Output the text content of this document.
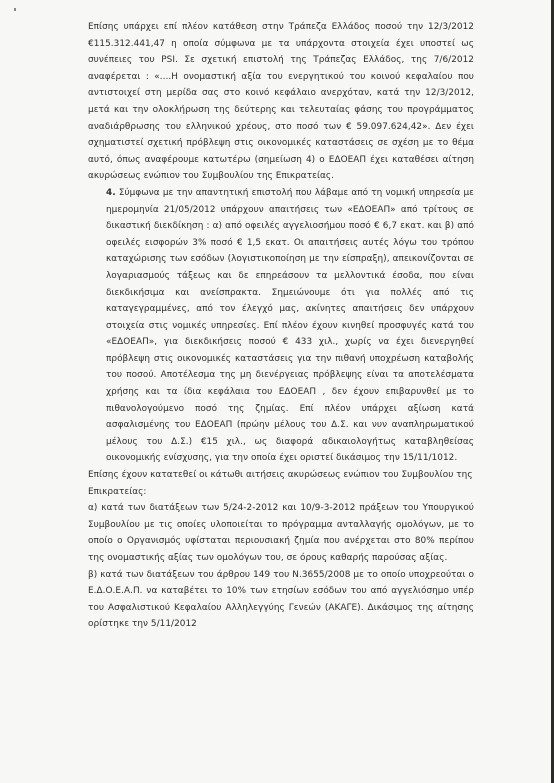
Επίσης υπάρχει επί πλέον κατάθεση στην Τράπεζα Ελλάδος ποσού την 12/3/2012 €115.312.441,47 η οποία σύμφωνα με τα υπάρχοντα στοιχεία έχει υποστεί ως συνέπειες του PSI. Σε σχετική επιστολή της Τράπεζας Ελλάδος, της 7/6/2012 αναφέρεται : «....Η ονομαστική αξία του ενεργητικού του κοινού κεφαλαίου που αντιστοιχεί στη μερίδα σας στο κοινό κεφάλαιο ανερχόταν, κατά την 12/3/2012, μετά και την ολοκλήρωση της δεύτερης και τελευταίας φάσης του προγράμματος αναδιάρθρωσης του ελληνικού χρέους, στο ποσό των € 59.097.624,42». Δεν έχει σχηματιστεί σχετική πρόβλεψη στις οικονομικές καταστάσεις σε σχέση με το θέμα αυτό, όπως αναφέρουμε κατωτέρω (σημείωση 4) ο ΕΔΟΕΑΠ έχει καταθέσει αίτηση ακυρώσεως ενώπιον του Συμβουλίου της Επικρατείας.

4. Σύμφωνα με την απαντητική επιστολή που λάβαμε από τη νομική υπηρεσία με ημερομηνία 21/05/2012 υπάρχουν απαιτήσεις των «ΕΔΟΕΑΠ» από τρίτους σε δικαστική διεκδίκηση : α) από οφειλές αγγελιοσήμου ποσό € 6,7 εκατ. και β) από οφειλές εισφορών 3% ποσό € 1,5 εκατ. Οι απαιτήσεις αυτές λόγω του τρόπου καταχώρισης των εσόδων (λογιστικοποίηση με την είσπραξη), απεικονίζονται σε λογαριασμούς τάξεως και δε επηρεάσουν τα μελλοντικά έσοδα, που είναι διεκδικήσιμα και ανείσπρακτα. Σημειώνουμε ότι για πολλές από τις καταγεγραμμένες, από τον έλεγχό μας, ακίνητες απαιτήσεις δεν υπάρχουν στοιχεία στις νομικές υπηρεσίες. Επί πλέον έχουν κινηθεί προσφυγές κατά του «ΕΔΟΕΑΠ», για διεκδικήσεις ποσού € 433 χιλ., χωρίς να έχει διενεργηθεί πρόβλεψη στις οικονομικές καταστάσεις για την πιθανή υποχρέωση καταβολής του ποσού. Αποτέλεσμα της μη διενέργειας πρόβλεψης είναι τα αποτελέσματα χρήσης και τα ίδια κεφάλαια του ΕΔΟΕΑΠ , δεν έχουν επιβαρυνθεί με το πιθανολογούμενο ποσό της ζημίας. Επί πλέον υπάρχει αξίωση κατά ασφαλισμένης του ΕΔΟΕΑΠ (πρώην μέλους του Δ.Σ. και νυν αναπληρωματικού μέλους του Δ.Σ.) €15 χιλ., ως διαφορά αδικαιολογήτως καταβληθείσας οικονομικής ενίσχυσης, για την οποία έχει οριστεί δικάσιμος την 15/11/1012.

Επίσης έχουν κατατεθεί οι κάτωθι αιτήσεις ακυρώσεως ενώπιον του Συμβουλίου της Επικρατείας:

α) κατά των διατάξεων των 5/24-2-2012 και 10/9-3-2012 πράξεων του Υπουργικού Συμβουλίου με τις οποίες υλοποιείται το πρόγραμμα ανταλλαγής ομολόγων, με το οποίο ο Οργανισμός υφίσταται περιουσιακή ζημία που ανέρχεται στο 80% περίπου της ονομαστικής αξίας των ομολόγων του, σε όρους καθαρής παρούσας αξίας.

β) κατά των διατάξεων του άρθρου 149 του Ν.3655/2008 με το οποίο υποχρεούται ο Ε.Δ.Ο.Ε.Α.Π. να καταβέτει το 10% των ετησίων εσόδων του από αγγελιόσημο υπέρ του Ασφαλιστικού Κεφαλαίου Αλληλεγγύης Γενεών (ΑΚΑΓΕ). Δικάσιμος της αίτησης ορίστηκε την 5/11/2012
